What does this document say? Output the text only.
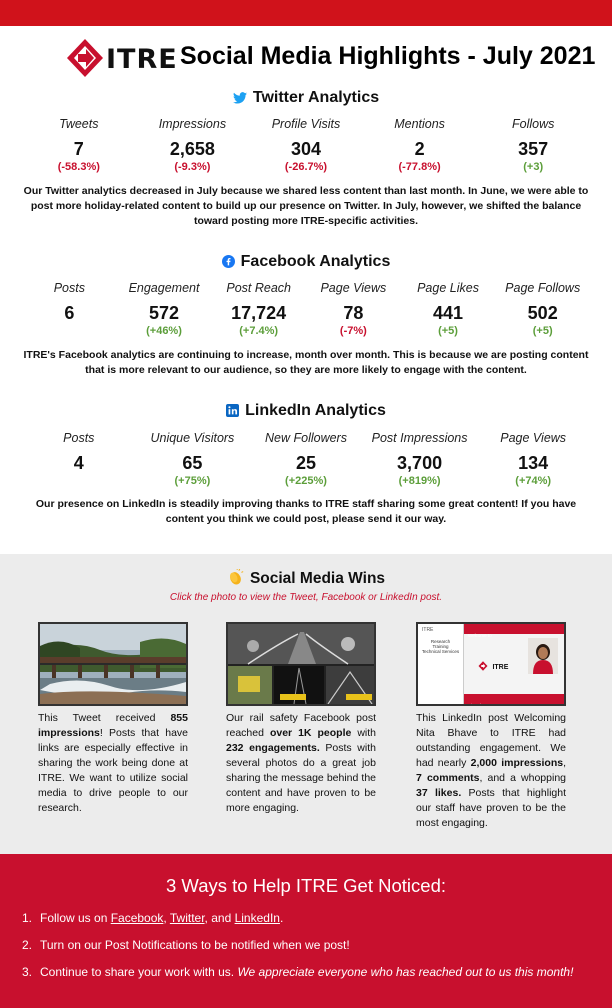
ITRE Social Media Highlights - July 2021
Twitter Analytics
Tweets
7
(-58.3%)
Impressions
2,658
(-9.3%)
Profile Visits
304
(-26.7%)
Mentions
2
(-77.8%)
Follows
357
(+3)
Our Twitter analytics decreased in July because we shared less content than last month. In June, we were able to post more holiday-related content to build up our presence on Twitter. In July, however, we shifted the balance toward posting more ITRE-specific activities.
Facebook Analytics
Posts
6
Engagement
572
(+46%)
Post Reach
17,724
(+7.4%)
Page Views
78
(-7%)
Page Likes
441
(+5)
Page Follows
502
(+5)
ITRE's Facebook analytics are continuing to increase, month over month. This is because we are posting content that is more relevant to our audience, so they are more likely to engage with the content.
LinkedIn Analytics
Posts
4
Unique Visitors
65
(+75%)
New Followers
25
(+225%)
Post Impressions
3,700
(+819%)
Page Views
134
(+74%)
Our presence on LinkedIn is steadily improving thanks to ITRE staff sharing some great content! If you have content you think we could post, please send it our way.
Social Media Wins
Click the photo to view the Tweet, Facebook or LinkedIn post.
This Tweet received 855 impressions! Posts that have links are especially effective in sharing the work being done at ITRE. We want to utilize social media to drive people to our research.
Our rail safety Facebook post reached over 1K people with 232 engagements. Posts with several photos do a great job sharing the message behind the content and have proven to be more engaging.
ITRE
Research
Training
Technical Services
Welcome to
ITRE
Nita Bhave
This LinkedIn post Welcoming Nita Bhave to ITRE had outstanding engagement. We had nearly 2,000 impressions, 7 comments, and a whopping 37 likes. Posts that highlight our staff have proven to be the most engaging.
3 Ways to Help ITRE Get Noticed:
1. Follow us on Facebook, Twitter, and LinkedIn.
2. Turn on our Post Notifications to be notified when we post!
3. Continue to share your work with us. We appreciate everyone who has reached out to us this month!
